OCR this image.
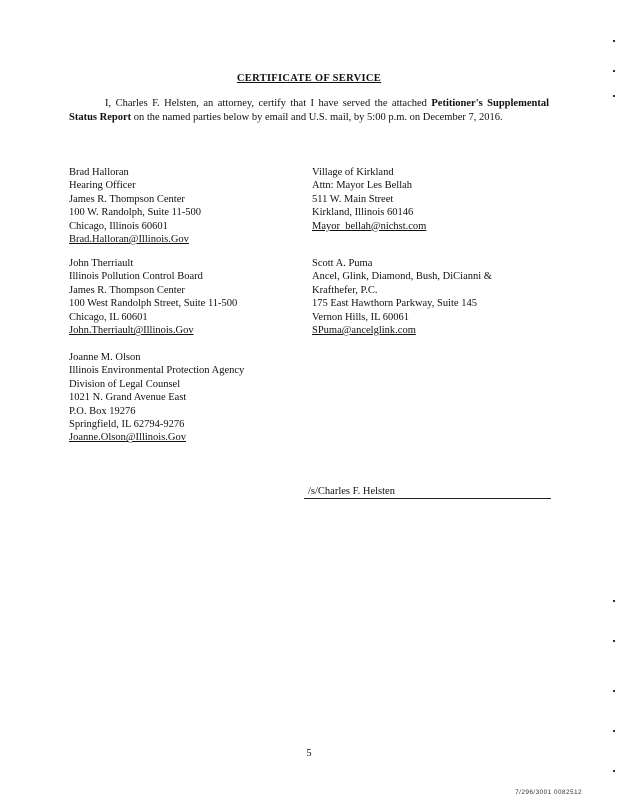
CERTIFICATE OF SERVICE
I, Charles F. Helsten, an attorney, certify that I have served the attached Petitioner's Supplemental Status Report on the named parties below by email and U.S. mail, by 5:00 p.m. on December 7, 2016.
Brad Halloran
Hearing Officer
James R. Thompson Center
100 W. Randolph, Suite 11-500
Chicago, Illinois 60601
Brad.Halloran@Illinois.Gov
John Therriault
Illinois Pollution Control Board
James R. Thompson Center
100 West Randolph Street, Suite 11-500
Chicago, IL 60601
John.Therriault@Illinois.Gov
Joanne M. Olson
Illinois Environmental Protection Agency
Division of Legal Counsel
1021 N. Grand Avenue East
P.O. Box 19276
Springfield, IL 62794-9276
Joanne.Olson@Illinois.Gov
Village of Kirkland
Attn: Mayor Les Bellah
511 W. Main Street
Kirkland, Illinois 60146
Mayor_bellah@nichst.com
Scott A. Puma
Ancel, Glink, Diamond, Bush, DiCianni &
Krafthefer, P.C.
175 East Hawthorn Parkway, Suite 145
Vernon Hills, IL 60061
SPuma@ancelglink.com
/s/Charles F. Helsten
5
7/296/3001 0082512
